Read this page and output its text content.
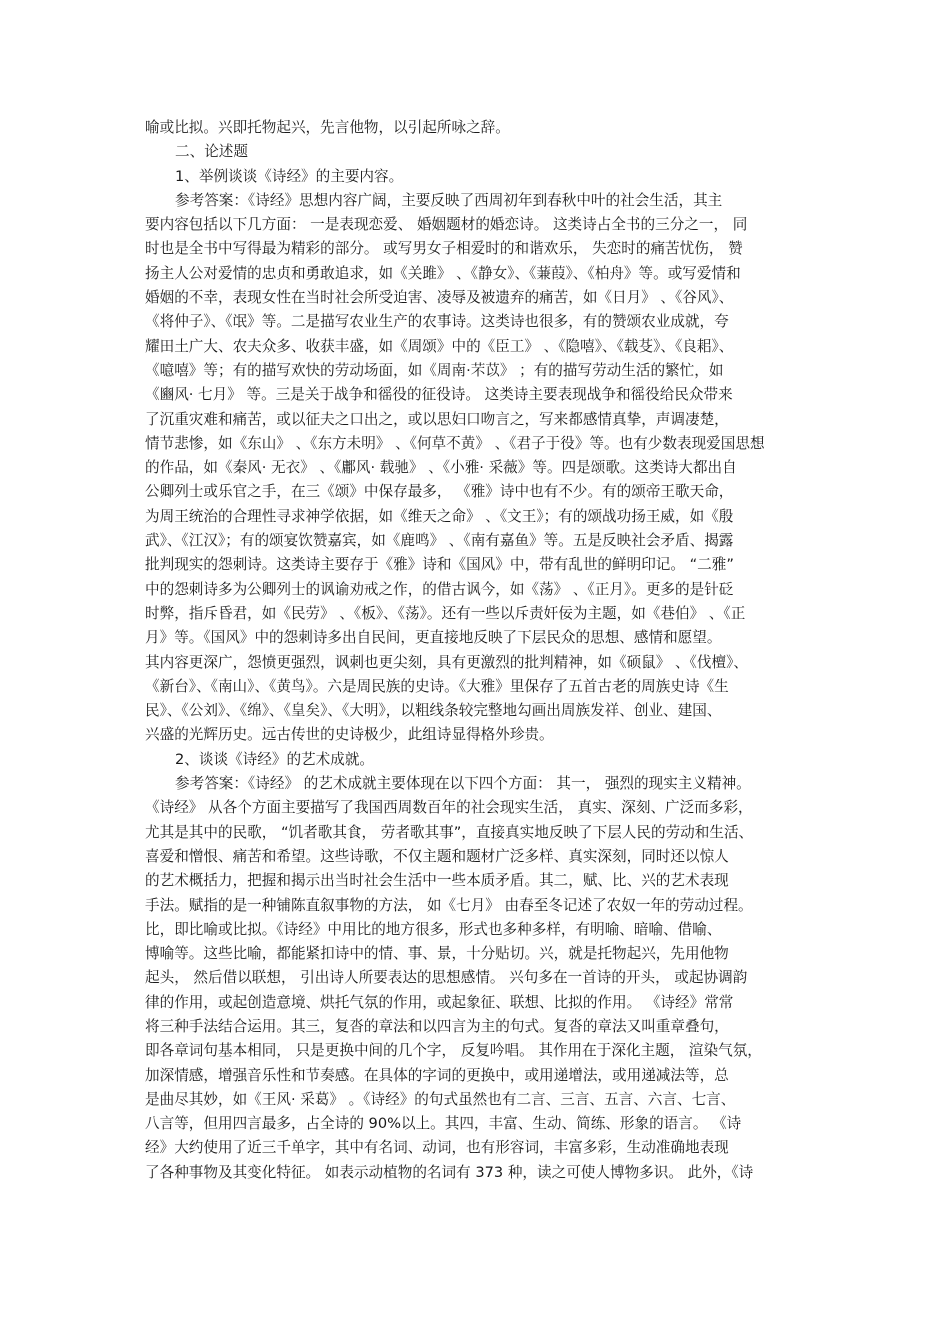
喻或比拟。兴即托物起兴，先言他物，以引起所咏之辞。
二、论述题
1、举例谈谈《诗经》的主要内容。
参考答案：《诗经》思想内容广阔，主要反映了西周初年到春秋中叶的社会生活，其主
要内容包括以下几方面： 一是表现恋爱、 婚姻题材的婚恋诗。 这类诗占全书的三分之一， 同
时也是全书中写得最为精彩的部分。 或写男女子相爱时的和谐欢乐， 失恋时的痛苦忧伤， 赞
扬主人公对爱情的忠贞和勇敢追求，如《关雎》 、《静女》、《蒹葭》、《柏舟》等。或写爱情和
婚姻的不幸，表现女性在当时社会所受迫害、凌辱及被遗弃的痛苦，如《日月》 、《谷风》、
《将仲子》、《氓》等。二是描写农业生产的农事诗。这类诗也很多，有的赞颂农业成就，夸
耀田土广大、农夫众多、收获丰盛，如《周颂》中的《臣工》 、《隐嘻》、《载芟》、《良耜》、
《噫嘻》等；有的描写欢快的劳动场面，如《周南·芣苡》 ；有的描写劳动生活的繁忙，如
《豳风· 七月》 等。三是关于战争和徭役的征役诗。 这类诗主要表现战争和徭役给民众带来
了沉重灾难和痛苦，或以征夫之口出之，或以思妇口吻言之，写来都感情真挚，声调凄楚，
情节悲惨，如《东山》 、《东方未明》 、《何草不黄》 、《君子于役》等。也有少数表现爱国思想
的作品，如《秦风· 无衣》 、《鄘风· 载驰》 、《小雅· 采薇》等。四是颂歌。这类诗大都出自
公卿列士或乐官之手，在三《颂》中保存最多， 《雅》诗中也有不少。有的颂帝王歌天命，
为周王统治的合理性寻求神学依据，如《维天之命》 、《文王》；有的颂战功扬王威，如《殷
武》、《江汉》；有的颂宴饮赞嘉宾，如《鹿鸣》 、《南有嘉鱼》等。五是反映社会矛盾、揭露
批判现实的怨刺诗。这类诗主要存于《雅》诗和《国风》中，带有乱世的鲜明印记。 “二雅”
中的怨刺诗多为公卿列士的讽谕劝戒之作，的借古讽今，如《荡》 、《正月》。更多的是针砭
时弊，指斥昏君，如《民劳》 、《板》、《荡》。还有一些以斥责奸佞为主题，如《巷伯》 、《正
月》等。《国风》中的怨刺诗多出自民间，更直接地反映了下层民众的思想、感情和愿望。
其内容更深广，怨愤更强烈，讽刺也更尖刻，具有更激烈的批判精神，如《硕鼠》 、《伐檀》、
《新台》、《南山》、《黄鸟》。六是周民族的史诗。《大雅》里保存了五首古老的周族史诗《生
民》、《公刘》、《绵》、《皇矣》、《大明》，以粗线条较完整地勾画出周族发祥、创业、建国、
兴盛的光辉历史。远古传世的史诗极少，此组诗显得格外珍贵。
2、谈谈《诗经》的艺术成就。
参考答案：《诗经》 的艺术成就主要体现在以下四个方面： 其一， 强烈的现实主义精神。
《诗经》 从各个方面主要描写了我国西周数百年的社会现实生活， 真实、深刻、广泛而多彩，
尤其是其中的民歌， “饥者歌其食， 劳者歌其事”，直接真实地反映了下层人民的劳动和生活、
喜爱和憎恨、痛苦和希望。这些诗歌，不仅主题和题材广泛多样、真实深刻，同时还以惊人
的艺术概括力，把握和揭示出当时社会生活中一些本质矛盾。其二，赋、比、兴的艺术表现
手法。赋指的是一种铺陈直叙事物的方法， 如《七月》 由春至冬记述了农奴一年的劳动过程。
比，即比喻或比拟。《诗经》中用比的地方很多，形式也多种多样，有明喻、暗喻、借喻、
博喻等。这些比喻，都能紧扣诗中的情、事、景，十分贴切。兴，就是托物起兴，先用他物
起头， 然后借以联想， 引出诗人所要表达的思想感情。 兴句多在一首诗的开头， 或起协调韵
律的作用，或起创造意境、烘托气氛的作用，或起象征、联想、比拟的作用。 《诗经》常常
将三种手法结合运用。其三，复沓的章法和以四言为主的句式。复沓的章法又叫重章叠句，
即各章词句基本相同， 只是更换中间的几个字， 反复吟唱。 其作用在于深化主题， 渲染气氛，
加深情感，增强音乐性和节奏感。在具体的字词的更换中，或用递增法，或用递减法等，总
是曲尽其妙，如《王风· 采葛》 。《诗经》的句式虽然也有二言、三言、五言、六言、七言、
八言等，但用四言最多，占全诗的 90%以上。其四，丰富、生动、简练、形象的语言。 《诗
经》大约使用了近三千单字，其中有名词、动词，也有形容词，丰富多彩，生动准确地表现
了各种事物及其变化特征。 如表示动植物的名词有 373 种，读之可使人博物多识。 此外，《诗
